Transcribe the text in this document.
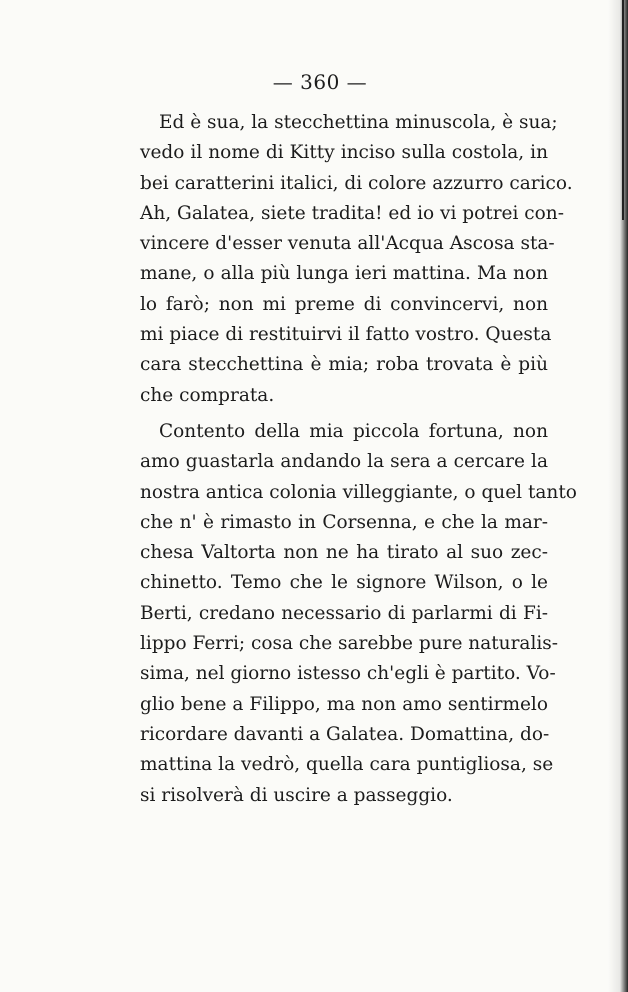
— 360 —
Ed è sua, la stecchettina minuscola, è sua;
vedo il nome di Kitty inciso sulla costola, in
bei caratterini italici, di colore azzurro carico.
Ah, Galatea, siete tradita! ed io vi potrei con-
vincere d'esser venuta all'Acqua Ascosa sta-
mane, o alla più lunga ieri mattina. Ma non
lo farò; non mi preme di convincervi, non
mi piace di restituirvi il fatto vostro. Questa
cara stecchettina è mia; roba trovata è più
che comprata.
Contento della mia piccola fortuna, non
amo guastarla andando la sera a cercare la
nostra antica colonia villeggiante, o quel tanto
che n' è rimasto in Corsenna, e che la mar-
chesa Valtorta non ne ha tirato al suo zec-
chinetto. Temo che le signore Wilson, o le
Berti, credano necessario di parlarmi di Fi-
lippo Ferri; cosa che sarebbe pure naturalis-
sima, nel giorno istesso ch'egli è partito. Vo-
glio bene a Filippo, ma non amo sentirmelo
ricordare davanti a Galatea. Domattina, do-
mattina la vedrò, quella cara puntigliosa, se
si risolverà di uscire a passeggio.
